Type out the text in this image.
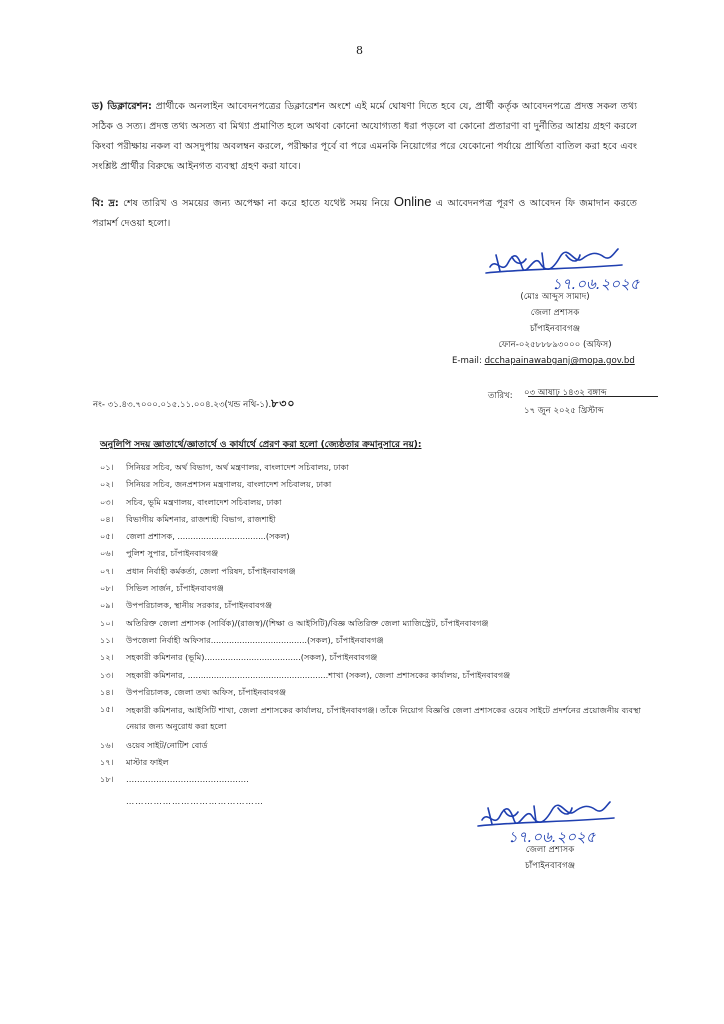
8
ড) ডিক্লারেশন: প্রার্থীকে অনলাইন আবেদনপত্রের ডিক্লারেশন অংশে এই মর্মে ঘোষণা দিতে হবে যে, প্রার্থী কর্তৃক আবেদনপত্রে প্রদত্ত সকল তথ্য সঠিক ও সত্য। প্রদত্ত তথ্য অসত্য বা মিথ্যা প্রমাণিত হলে অথবা কোনো অযোগ্যতা ধরা পড়লে বা কোনো প্রতারণা বা দুর্নীতির আশ্রয় গ্রহণ করলে কিংবা পরীক্ষায় নকল বা অসদুপায় অবলম্বন করলে, পরীক্ষার পূর্বে বা পরে এমনকি নিয়োগের পরে যেকোনো পর্যায়ে প্রার্থিতা বাতিল করা হবে এবং সংশ্লিষ্ট প্রার্থীর বিরুদ্ধে আইনগত ব্যবস্থা গ্রহণ করা যাবে।
বি: দ্র: শেষ তারিখ ও সময়ের জন্য অপেক্ষা না করে হাতে যথেষ্ট সময় নিয়ে Online এ আবেদনপত্র পূরণ ও আবেদন ফি জমাদান করতে পরামর্শ দেওয়া হলো।
১৭.০৬.২০২৫
(মোঃ আব্দুস সামাদ)
জেলা প্রশাসক
চাঁপাইনবাবগঞ্জ
ফোন-০২৫৮৮৮৯৩০০০ (অফিস)
E-mail: dcchapainawabganj@mopa.gov.bd
নং- ৩১.৪৩.৭০০০.০১৫.১১.০০৪.২৩(খন্ড নথি-১).৮৩০
তারিখ: ০৩ আষাঢ় ১৪৩২ বঙ্গাব্দ
১৭ জুন ২০২৫ খ্রিস্টাব্দ
অনুলিপি সদয় জ্ঞাতার্থে/জ্ঞাতার্থে ও কার্যার্থে প্রেরণ করা হলো (জ্যেষ্ঠতার ক্রমানুসারে নয়):
০১। সিনিয়র সচিব, অর্থ বিভাগ, অর্থ মন্ত্রণালয়, বাংলাদেশ সচিবালয়, ঢাকা
০২। সিনিয়র সচিব, জনপ্রশাসন মন্ত্রণালয়, বাংলাদেশ সচিবালয়, ঢাকা
০৩। সচিব, ভূমি মন্ত্রণালয়, বাংলাদেশ সচিবালয়, ঢাকা
০৪। বিভাগীয় কমিশনার, রাজশাহী বিভাগ, রাজশাহী
০৫। জেলা প্রশাসক, ..................................(সকল)
০৬। পুলিশ সুপার, চাঁপাইনবাবগঞ্জ
০৭। প্রধান নির্বাহী কর্মকর্তা, জেলা পরিষদ, চাঁপাইনবাবগঞ্জ
০৮। সিভিল সার্জন, চাঁপাইনবাবগঞ্জ
০৯। উপপরিচালক, স্থানীয় সরকার, চাঁপাইনবাবগঞ্জ
১০। অতিরিক্ত জেলা প্রশাসক (সার্বিক)/(রাজস্ব)/(শিক্ষা ও আইসিটি)/বিজ্ঞ অতিরিক্ত জেলা ম্যাজিস্ট্রেট, চাঁপাইনবাবগঞ্জ
১১। উপজেলা নির্বাহী অফিসার.....................................(সকল), চাঁপাইনবাবগঞ্জ
১২। সহকারী কমিশনার (ভূমি).....................................(সকল), চাঁপাইনবাবগঞ্জ
১৩। সহকারী কমিশনার, ......................................................শাখা (সকল), জেলা প্রশাসকের কার্যালয়, চাঁপাইনবাবগঞ্জ
১৪। উপপরিচালক, জেলা তথ্য অফিস, চাঁপাইনবাবগঞ্জ
১৫। সহকারী কমিশনার, আইসিটি শাখা, জেলা প্রশাসকের কার্যালয়, চাঁপাইনবাবগঞ্জ। তাঁকে নিয়োগ বিজ্ঞপ্তি জেলা প্রশাসকের ওয়েব সাইটে প্রদর্শনের প্রয়োজনীয় ব্যবস্থা নেয়ার জন্য অনুরোধ করা হলো
১৬। ওয়েব সাইট/নোটিশ বোর্ড
১৭। মাস্টার ফাইল
১৮। ………………………………………
………………………………………
১৭.০৬.২০২৫
জেলা প্রশাসক
চাঁপাইনবাবগঞ্জ
